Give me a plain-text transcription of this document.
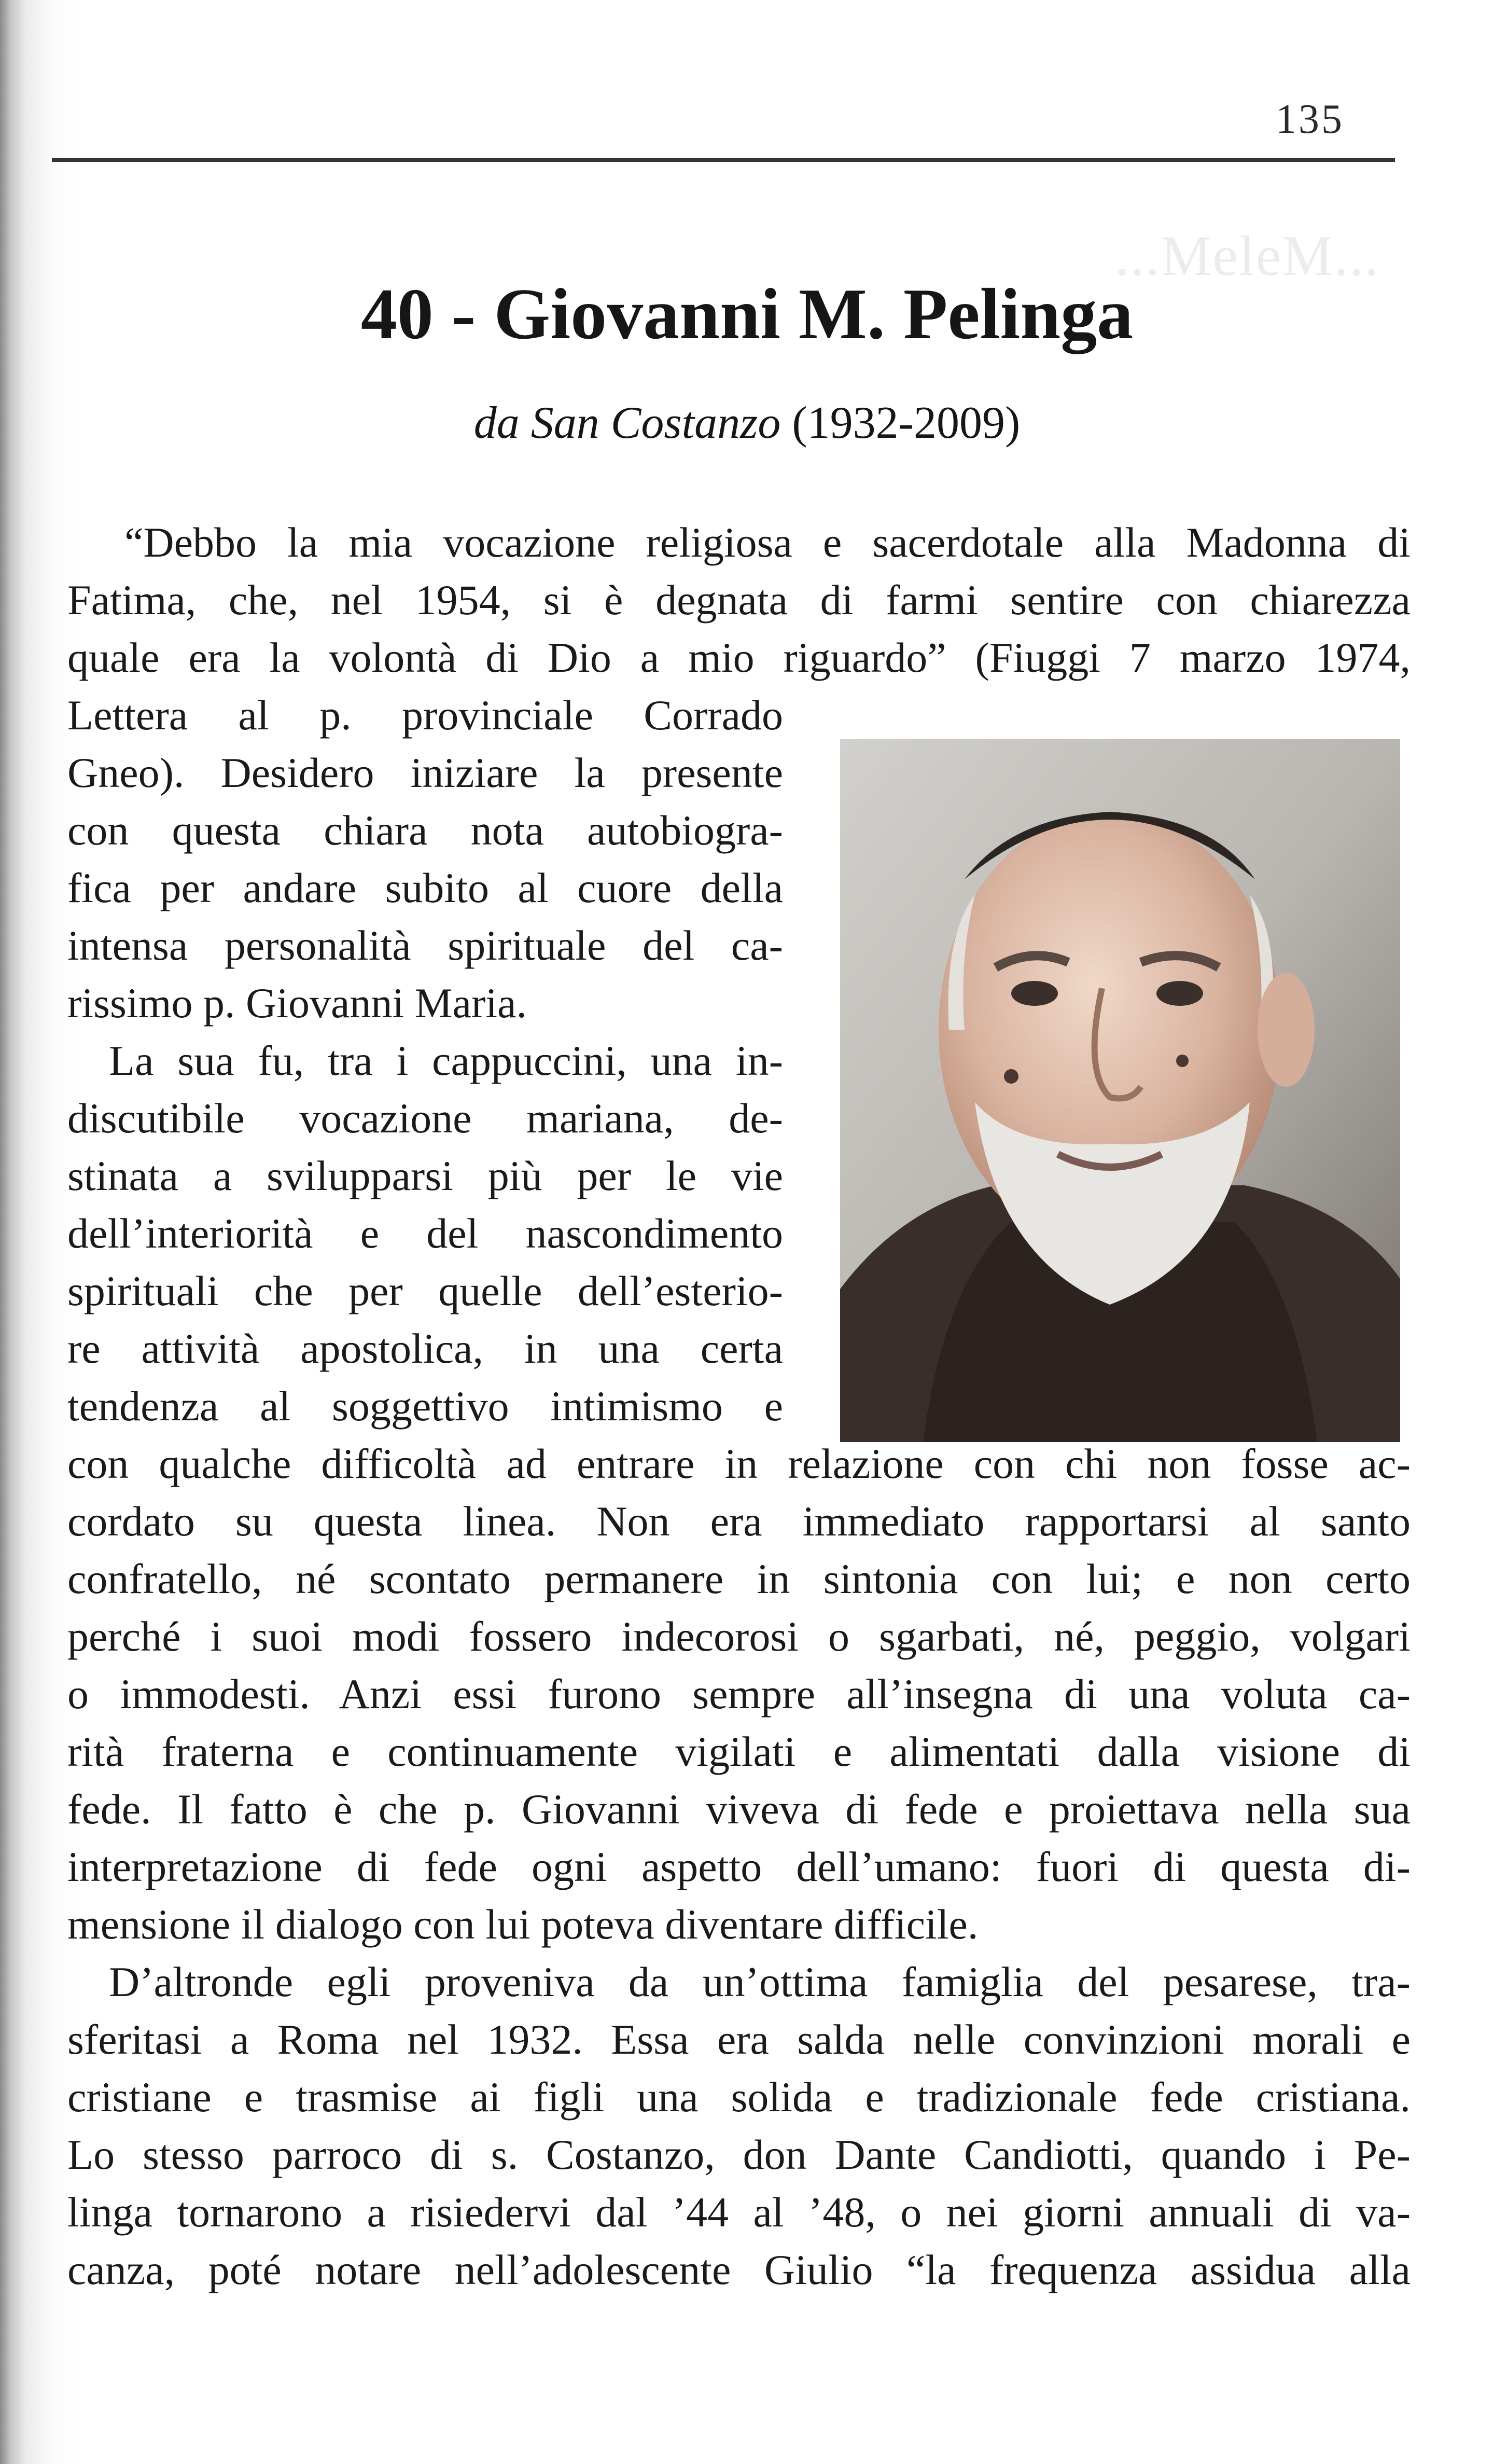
...MeleM...
135
40 - Giovanni M. Pelinga
da San Costanzo (1932-2009)
“Debbo la mia vocazione religiosa e sacerdotale alla Madonna di
Fatima, che, nel 1954, si è degnata di farmi sentire con chiarezza
quale era la volontà di Dio a mio riguardo” (Fiuggi 7 marzo 1974,
Lettera al p. provinciale Corrado
Gneo). Desidero iniziare la presente
con questa chiara nota autobiogra-
fica per andare subito al cuore della
intensa personalità spirituale del ca-
rissimo p. Giovanni Maria.
La sua fu, tra i cappuccini, una in-
discutibile vocazione mariana, de-
stinata a svilupparsi più per le vie
dell’interiorità e del nascondimento
spirituali che per quelle dell’esterio-
re attività apostolica, in una certa
tendenza al soggettivo intimismo e
con qualche difficoltà ad entrare in relazione con chi non fosse ac-
cordato su questa linea. Non era immediato rapportarsi al santo
confratello, né scontato permanere in sintonia con lui; e non certo
perché i suoi modi fossero indecorosi o sgarbati, né, peggio, volgari
o immodesti. Anzi essi furono sempre all’insegna di una voluta ca-
rità fraterna e continuamente vigilati e alimentati dalla visione di
fede. Il fatto è che p. Giovanni viveva di fede e proiettava nella sua
interpretazione di fede ogni aspetto dell’umano: fuori di questa di-
mensione il dialogo con lui poteva diventare difficile.
D’altronde egli proveniva da un’ottima famiglia del pesarese, tra-
sferitasi a Roma nel 1932. Essa era salda nelle convinzioni morali e
cristiane e trasmise ai figli una solida e tradizionale fede cristiana.
Lo stesso parroco di s. Costanzo, don Dante Candiotti, quando i Pe-
linga tornarono a risiedervi dal ’44 al ’48, o nei giorni annuali di va-
canza, poté notare nell’adolescente Giulio “la frequenza assidua alla
